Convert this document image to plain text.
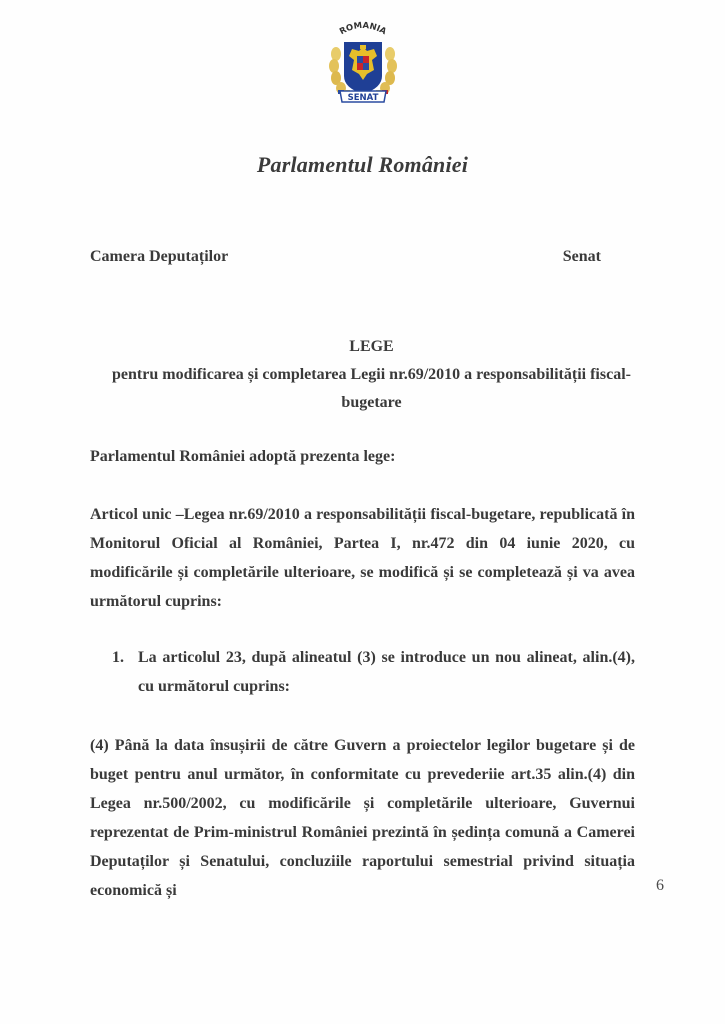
ROMANIA
SENAT
Parlamentul României
Camera Deputaților	Senat
LEGE
pentru modificarea și completarea Legii nr.69/2010 a responsabilității fiscal-bugetare
Parlamentul României adoptă prezenta lege:
Articol unic –Legea nr.69/2010 a responsabilității fiscal-bugetare, republicată în Monitorul Oficial al României, Partea I, nr.472 din 04 iunie 2020, cu modificările și completările ulterioare, se modifică și se completează și va avea următorul cuprins:
1. La articolul 23, după alineatul (3) se introduce un nou alineat, alin.(4), cu următorul cuprins:
(4) Până la data însușirii de către Guvern a proiectelor legilor bugetare și de buget pentru anul următor, în conformitate cu prevederiie art.35 alin.(4) din Legea nr.500/2002, cu modificările și completările ulterioare, Guvernui reprezentat de Prim-ministrul României prezintă în ședința comună a Camerei Deputaților și Senatului, concluziile raportului semestrial privind situația economică și	6
